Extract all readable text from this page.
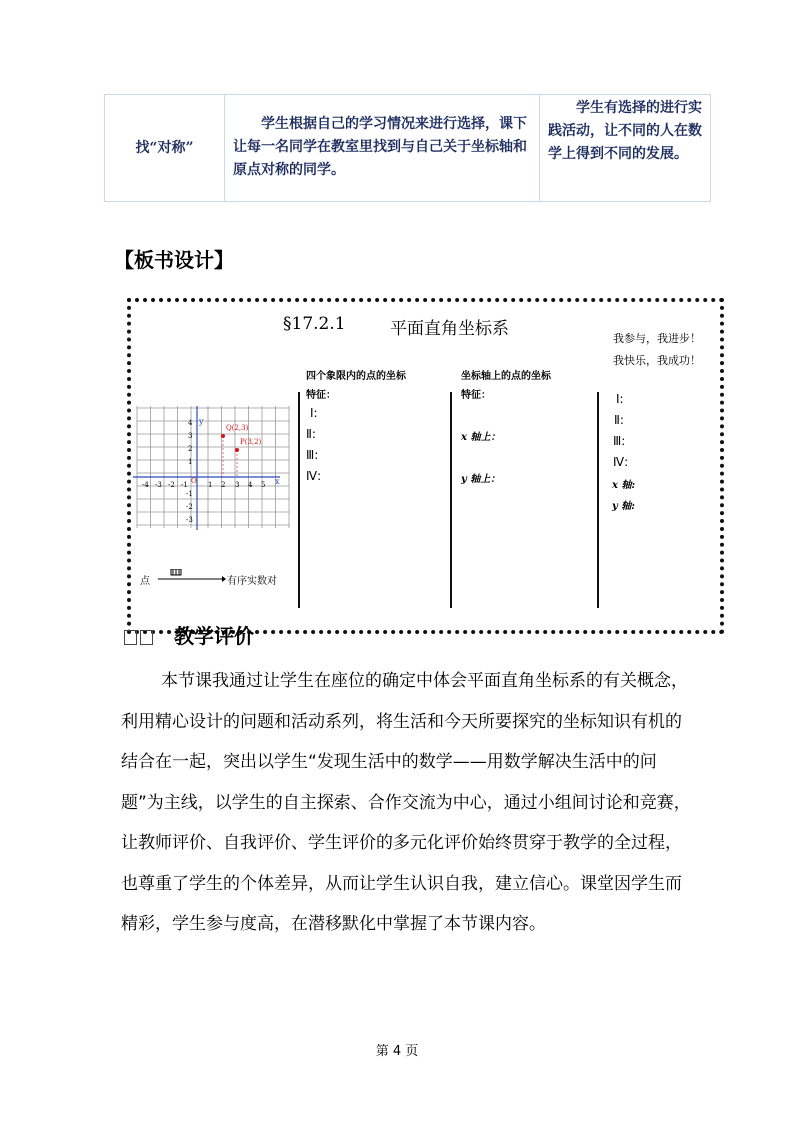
找“对称”	学生根据自己的学习情况来进行选择，课下让每一名同学在教室里找到与自己关于坐标轴和原点对称的同学。	学生有选择的进行实践活动，让不同的人在数学上得到不同的发展。
【板书设计】
§17.2.1	平面直角坐标系	我参与，我进步！
我快乐，我成功！
y
x
Q(2,3)
P(3,2)
-4 -3 -2 -1 O 1 2 3 4 5
4
3
2
1
-1
-2
-3
点	有序实数对
四个象限内的点的坐标
特征：
Ⅰ:
Ⅱ:
Ⅲ:
Ⅳ:
坐标轴上的点的坐标
特征：
x 轴上：
y 轴上：
Ⅰ:
Ⅱ:
Ⅲ:
Ⅳ:
x 轴:
y 轴:
教学评价

本节课我通过让学生在座位的确定中体会平面直角坐标系的有关概念，利用精心设计的问题和活动系列，将生活和今天所要探究的坐标知识有机的结合在一起，突出以学生“发现生活中的数学——用数学解决生活中的问题”为主线，以学生的自主探索、合作交流为中心，通过小组间讨论和竞赛，让教师评价、自我评价、学生评价的多元化评价始终贯穿于教学的全过程，也尊重了学生的个体差异，从而让学生认识自我，建立信心。课堂因学生而精彩，学生参与度高，在潜移默化中掌握了本节课内容。

第 4 页
